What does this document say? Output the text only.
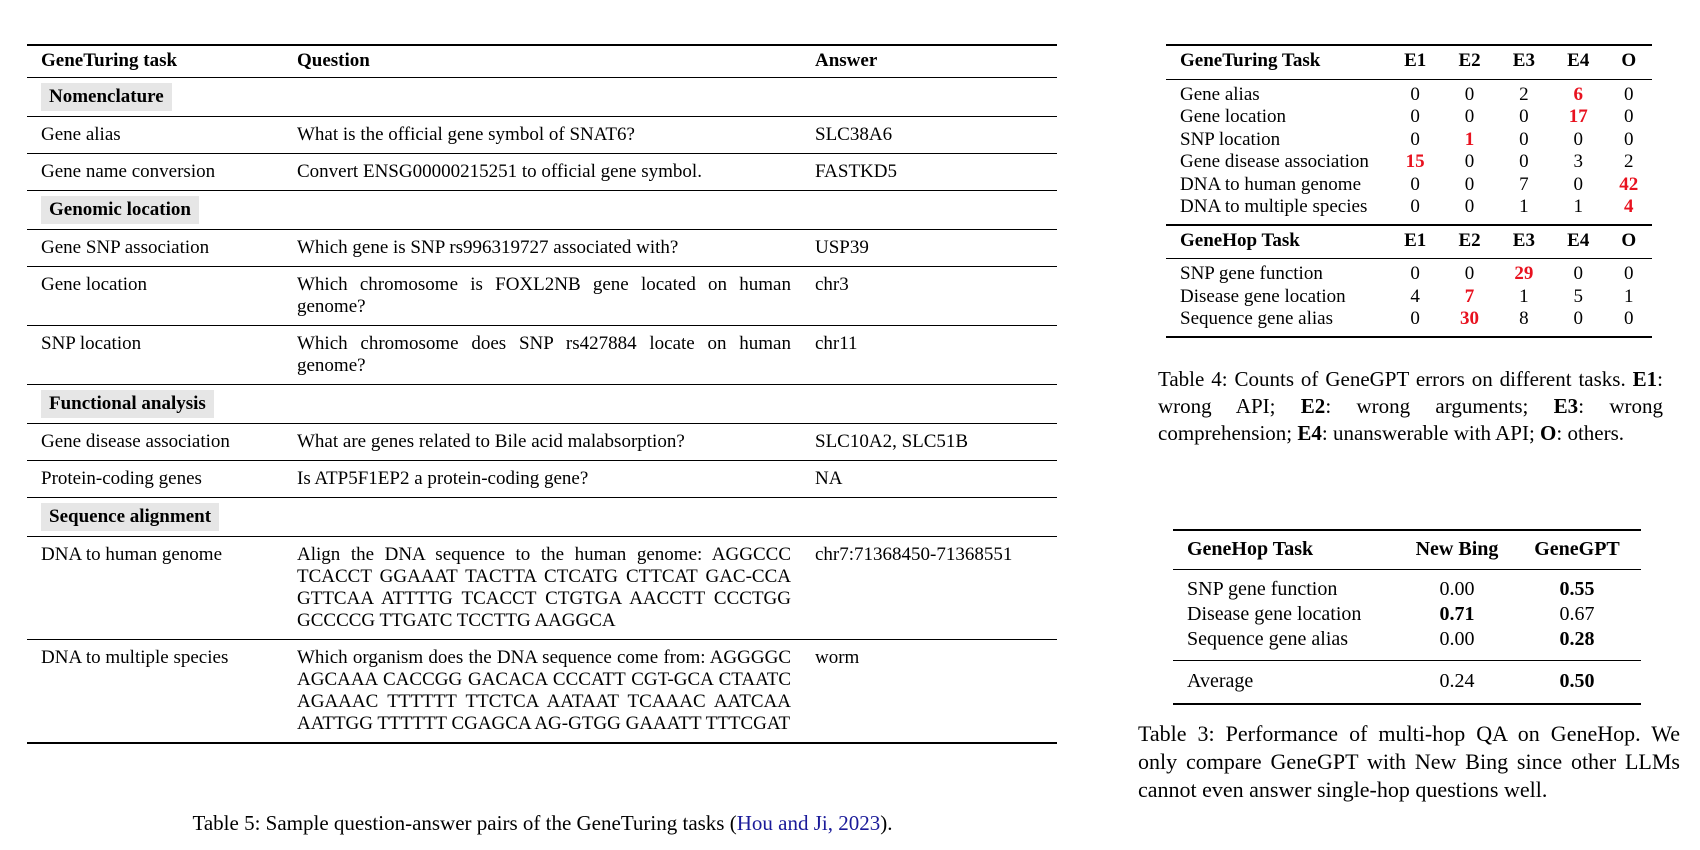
GeneTuring task	Question	Answer
Nomenclature		
Gene alias	What is the official gene symbol of SNAT6?	SLC38A6
Gene name conversion	Convert ENSG00000215251 to official gene symbol.	FASTKD5
Genomic location		
Gene SNP association	Which gene is SNP rs996319727 associated with?	USP39
Gene location	Which chromosome is FOXL2NB gene located on human genome?	chr3
SNP location	Which chromosome does SNP rs427884 locate on human genome?	chr11
Functional analysis		
Gene disease association	What are genes related to Bile acid malabsorption?	SLC10A2, SLC51B
Protein-coding genes	Is ATP5F1EP2 a protein-coding gene?	NA
Sequence alignment		
DNA to human genome	Align the DNA sequence to the human genome: AGGCCC TCACCT GGAAAT TACTTA CTCATG CTTCAT GAC-CCA GTTCAA ATTTTG TCACCT CTGTGA AACCTT CCCTGG GCCCCG TTGATC TCCTTG AAGGCA	chr7:71368450-71368551
DNA to multiple species	Which organism does the DNA sequence come from: AGGGGC AGCAAA CACCGG GACACA CCCATT CGT-GCA CTAATC AGAAAC TTTTTT TTCTCA AATAAT TCAAAC AATCAA AATTGG TTTTTT CGAGCA AG-GTGG GAAATT TTTCGAT	worm
Table 5: Sample question-answer pairs of the GeneTuring tasks (Hou and Ji, 2023).
GeneTuring Task	E1	E2	E3	E4	O
Gene alias	0	0	2	6	0
Gene location	0	0	0	17	0
SNP location	0	1	0	0	0
Gene disease association	15	0	0	3	2
DNA to human genome	0	0	7	0	42
DNA to multiple species	0	0	1	1	4
GeneHop Task	E1	E2	E3	E4	O
SNP gene function	0	0	29	0	0
Disease gene location	4	7	1	5	1
Sequence gene alias	0	30	8	0	0
Table 4: Counts of GeneGPT errors on different tasks. E1: wrong API; E2: wrong arguments; E3: wrong comprehension; E4: unanswerable with API; O: others.
GeneHop Task	New Bing	GeneGPT
SNP gene function	0.00	0.55
Disease gene location	0.71	0.67
Sequence gene alias	0.00	0.28
Average	0.24	0.50
Table 3: Performance of multi-hop QA on GeneHop. We only compare GeneGPT with New Bing since other LLMs cannot even answer single-hop questions well.
